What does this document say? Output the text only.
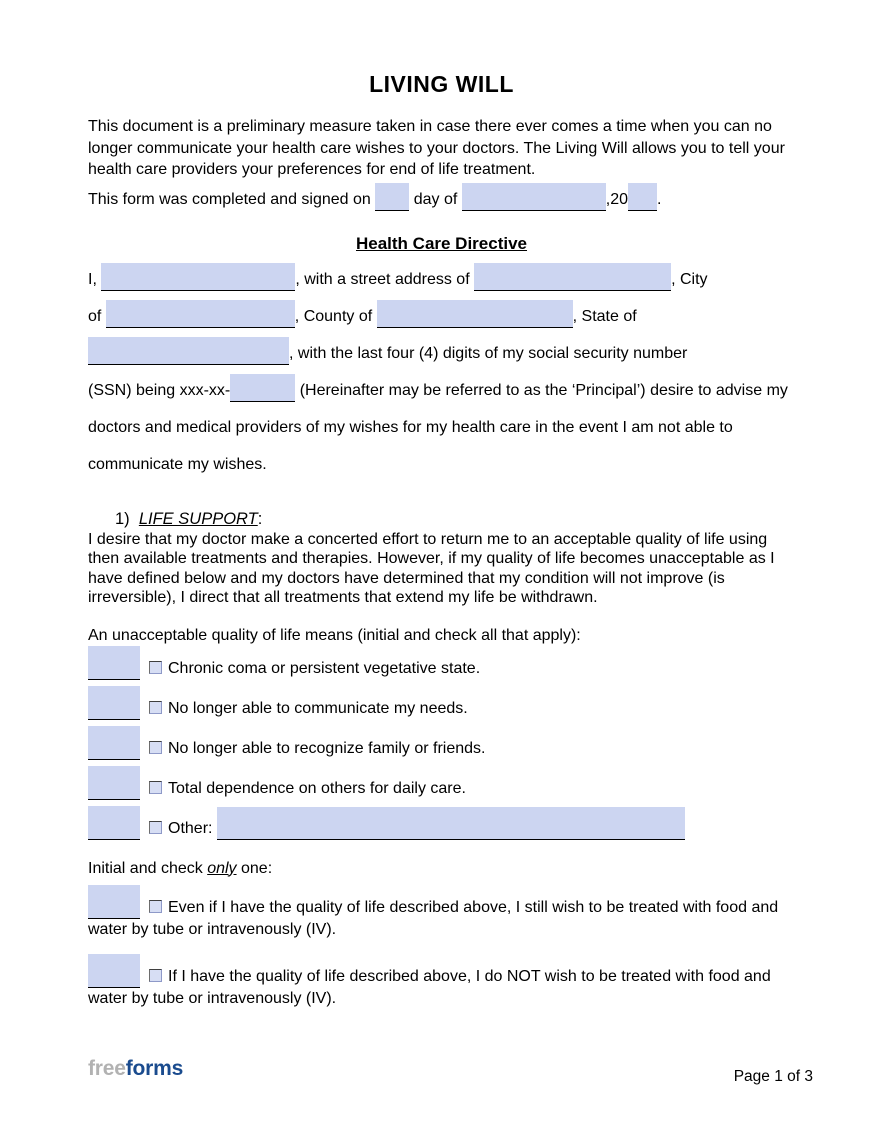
LIVING WILL

This document is a preliminary measure taken in case there ever comes a time when you can no longer communicate your health care wishes to your doctors. The Living Will allows you to tell your health care providers your preferences for end of life treatment.

This form was completed and signed on	day of	,20 .
Health Care Directive
I,	, with a street address of	, City
of	, County of	, State of
, with the last four (4) digits of my social security number
(SSN) being xxx-xx-	(Hereinafter may be referred to as the ‘Principal’) desire to advise my
doctors and medical providers of my wishes for my health care in the event I am not able to
communicate my wishes.
1) LIFE SUPPORT:

I desire that my doctor make a concerted effort to return me to an acceptable quality of life using then available treatments and therapies. However, if my quality of life becomes unacceptable as I have defined below and my doctors have determined that my condition will not improve (is irreversible), I direct that all treatments that extend my life be withdrawn.

An unacceptable quality of life means (initial and check all that apply):
Chronic coma or persistent vegetative state.
No longer able to communicate my needs.
No longer able to recognize family or friends.
Total dependence on others for daily care.
Other:
Initial and check only one:

Even if I have the quality of life described above, I still wish to be treated with food and water by tube or intravenously (IV).

If I have the quality of life described above, I do NOT wish to be treated with food and water by tube or intravenously (IV).

freeforms	Page 1 of 3
